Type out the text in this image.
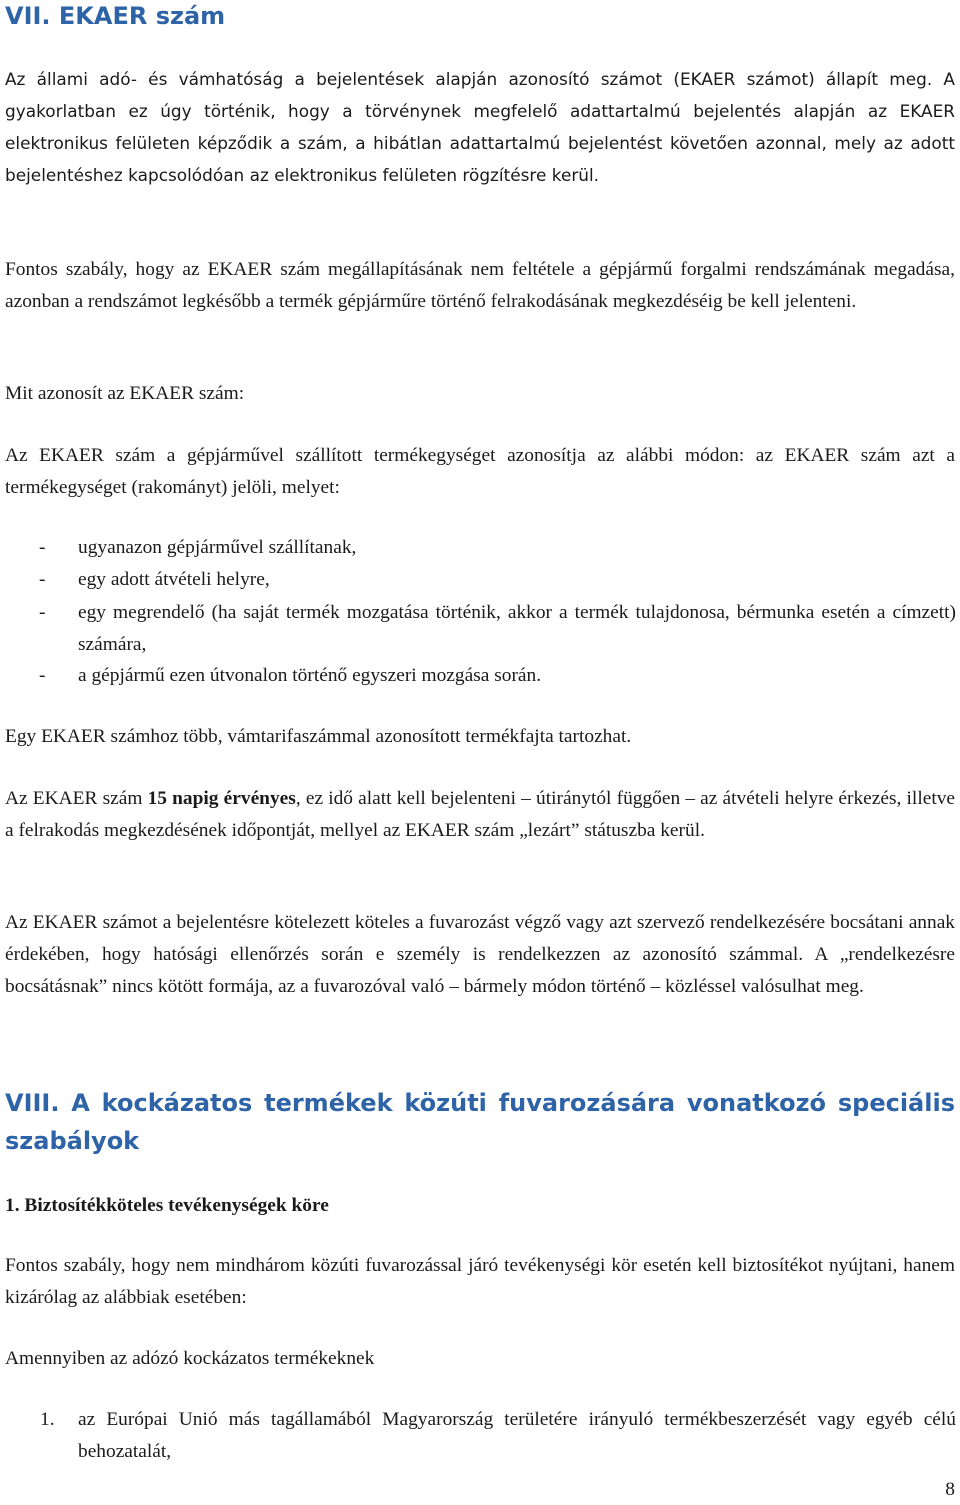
VII. EKAER szám

Az állami adó- és vámhatóság a bejelentések alapján azonosító számot (EKAER számot) állapít meg. A gyakorlatban ez úgy történik, hogy a törvénynek megfelelő adattartalmú bejelentés alapján az EKAER elektronikus felületen képződik a szám, a hibátlan adattartalmú bejelentést követően azonnal, mely az adott bejelentéshez kapcsolódóan az elektronikus felületen rögzítésre kerül.

Fontos szabály, hogy az EKAER szám megállapításának nem feltétele a gépjármű forgalmi rendszámának megadása, azonban a rendszámot legkésőbb a termék gépjárműre történő felrakodásának megkezdéséig be kell jelenteni.

Mit azonosít az EKAER szám:

Az EKAER szám a gépjárművel szállított termékegységet azonosítja az alábbi módon: az EKAER szám azt a termékegységet (rakományt) jelöli, melyet:

- ugyanazon gépjárművel szállítanak,

- egy adott átvételi helyre,

- egy megrendelő (ha saját termék mozgatása történik, akkor a termék tulajdonosa, bérmunka esetén a címzett) számára,

- a gépjármű ezen útvonalon történő egyszeri mozgása során.

Egy EKAER számhoz több, vámtarifaszámmal azonosított termékfajta tartozhat.

Az EKAER szám 15 napig érvényes, ez idő alatt kell bejelenteni – útiránytól függően – az átvételi helyre érkezés, illetve a felrakodás megkezdésének időpontját, mellyel az EKAER szám „lezárt” státuszba kerül.

Az EKAER számot a bejelentésre kötelezett köteles a fuvarozást végző vagy azt szervező rendelkezésére bocsátani annak érdekében, hogy hatósági ellenőrzés során e személy is rendelkezzen az azonosító számmal. A „rendelkezésre bocsátásnak” nincs kötött formája, az a fuvarozóval való – bármely módon történő – közléssel valósulhat meg.

VIII. A kockázatos termékek közúti fuvarozására vonatkozó speciális szabályok

1. Biztosítékköteles tevékenységek köre

Fontos szabály, hogy nem mindhárom közúti fuvarozással járó tevékenységi kör esetén kell biztosítékot nyújtani, hanem kizárólag az alábbiak esetében:

Amennyiben az adózó kockázatos termékeknek

1. az Európai Unió más tagállamából Magyarország területére irányuló termékbeszerzését vagy egyéb célú behozatalát,

8
